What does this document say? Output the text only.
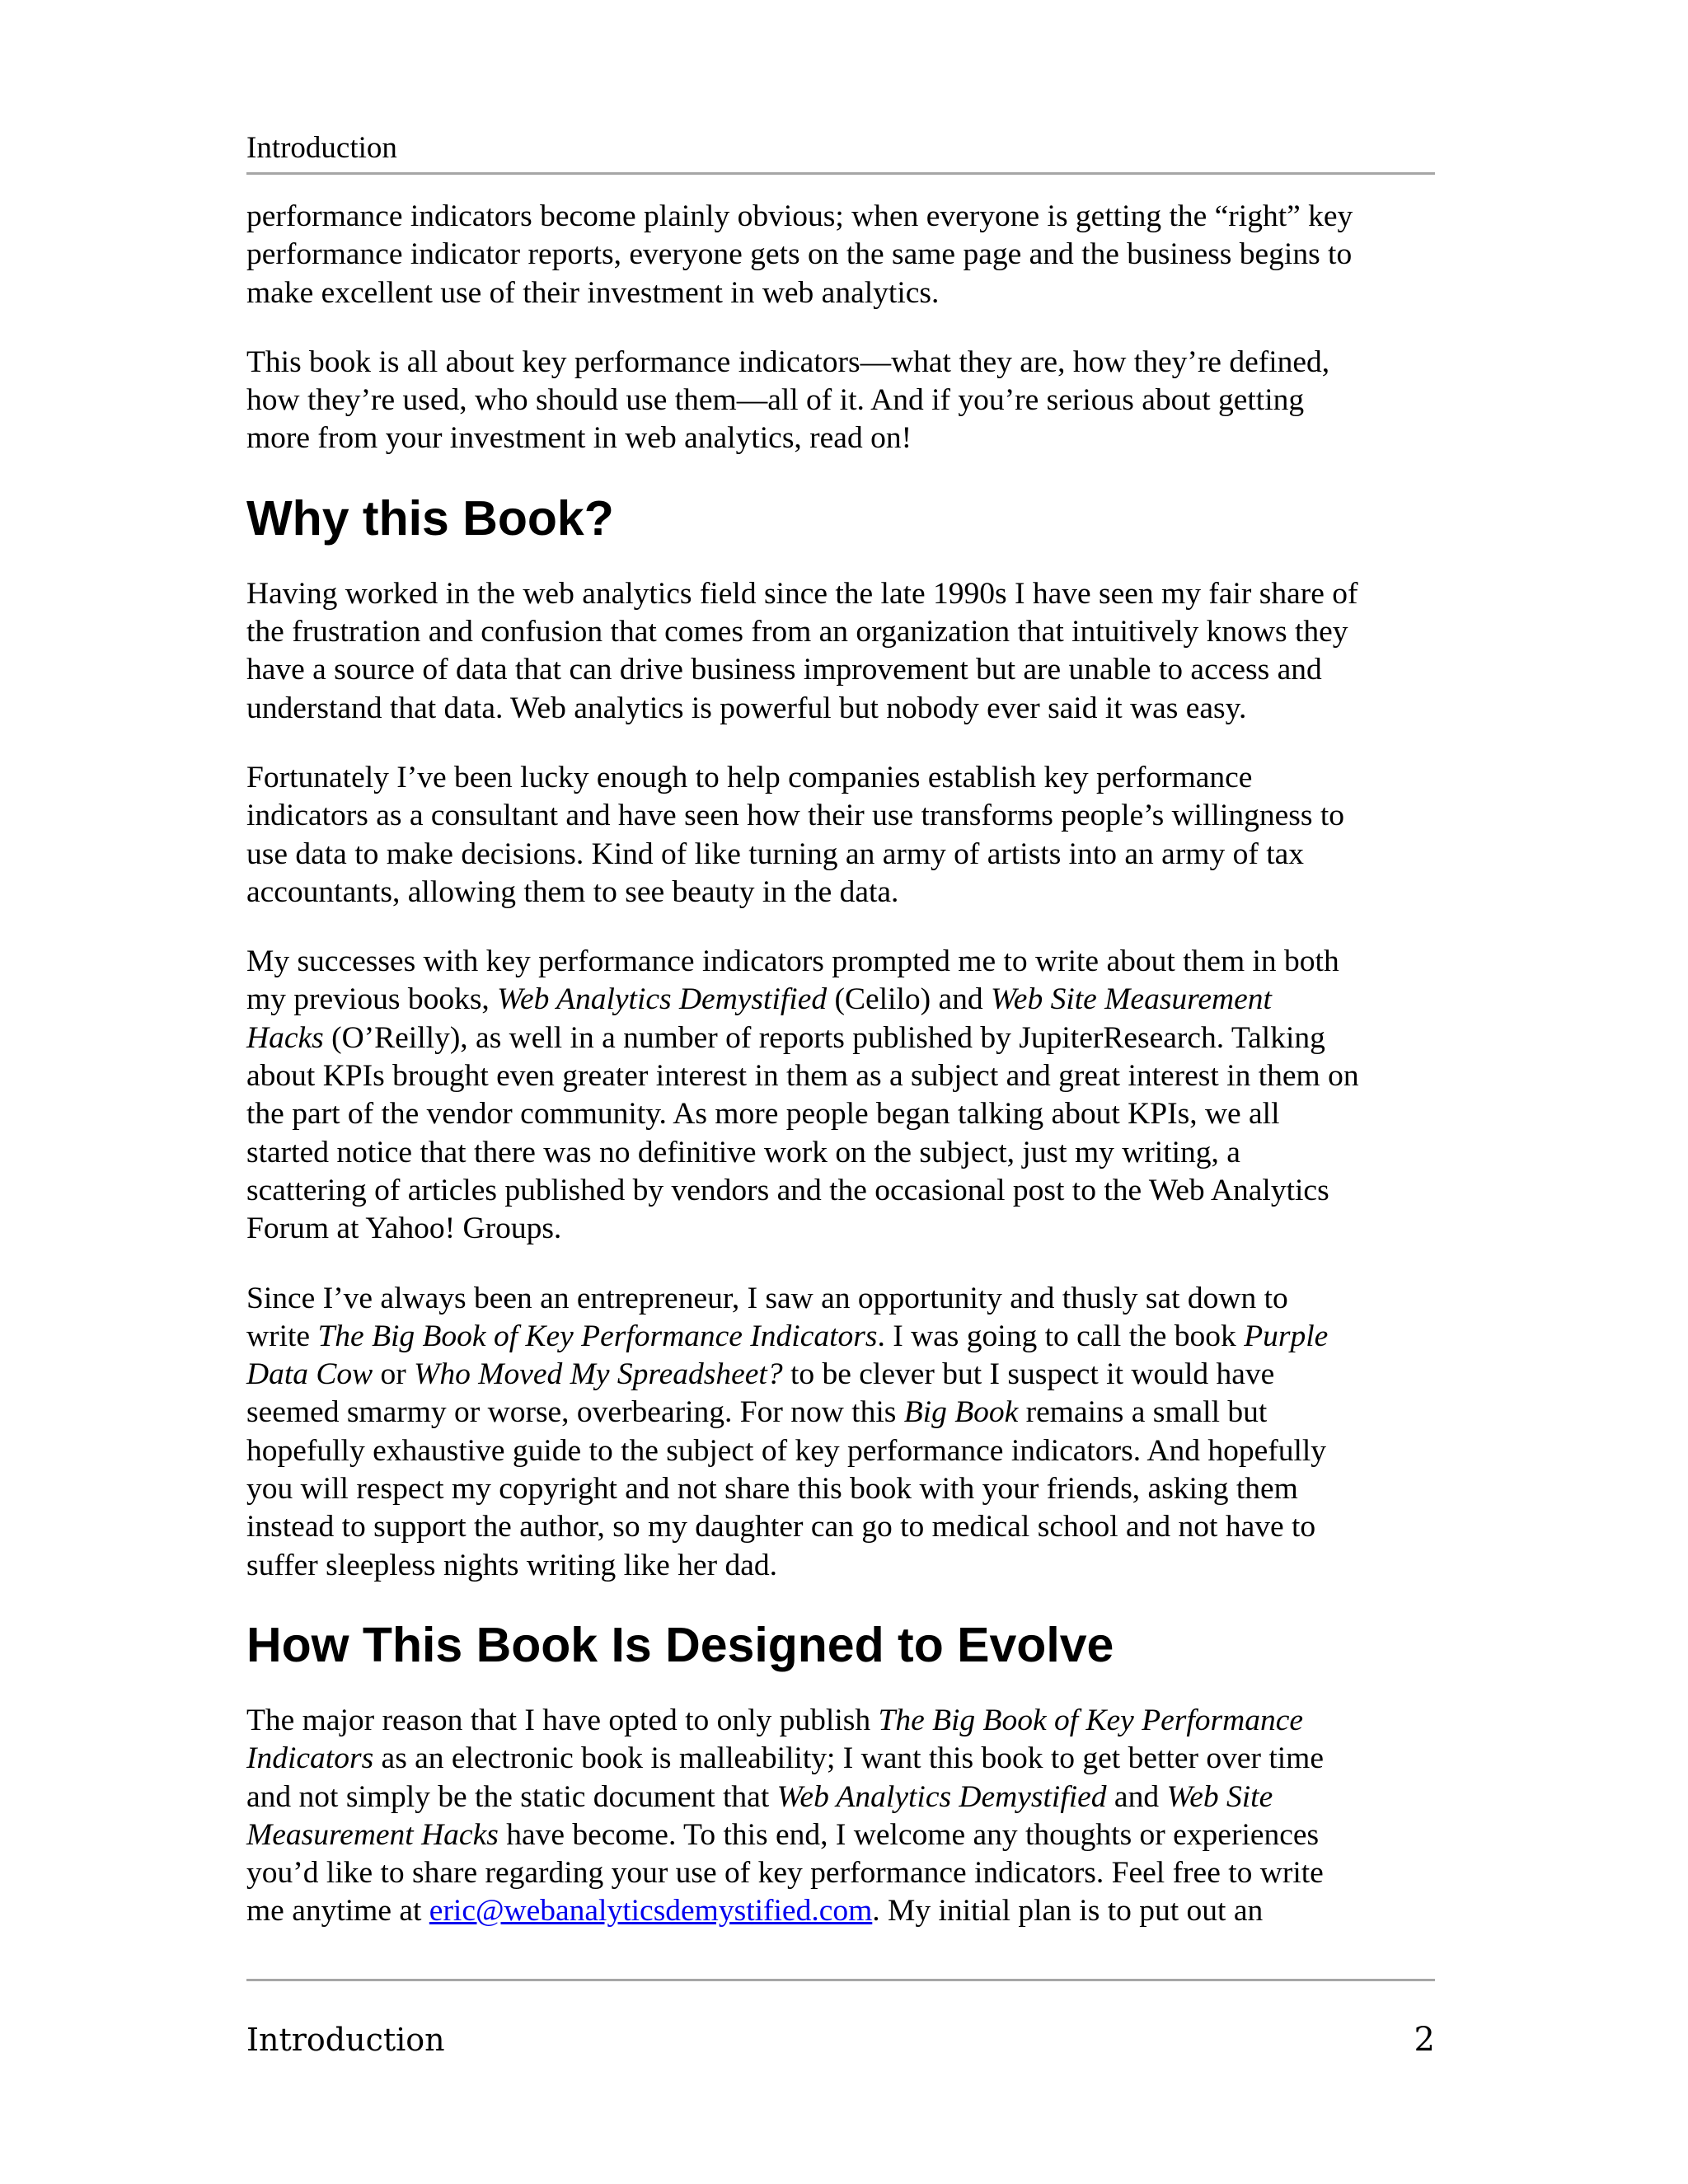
Introduction

performance indicators become plainly obvious; when everyone is getting the “right” key
performance indicator reports, everyone gets on the same page and the business begins to
make excellent use of their investment in web analytics.

This book is all about key performance indicators—what they are, how they’re defined,
how they’re used, who should use them—all of it. And if you’re serious about getting
more from your investment in web analytics, read on!

Why this Book?

Having worked in the web analytics field since the late 1990s I have seen my fair share of
the frustration and confusion that comes from an organization that intuitively knows they
have a source of data that can drive business improvement but are unable to access and
understand that data. Web analytics is powerful but nobody ever said it was easy.

Fortunately I’ve been lucky enough to help companies establish key performance
indicators as a consultant and have seen how their use transforms people’s willingness to
use data to make decisions. Kind of like turning an army of artists into an army of tax
accountants, allowing them to see beauty in the data.

My successes with key performance indicators prompted me to write about them in both
my previous books, Web Analytics Demystified (Celilo) and Web Site Measurement
Hacks (O’Reilly), as well in a number of reports published by JupiterResearch. Talking
about KPIs brought even greater interest in them as a subject and great interest in them on
the part of the vendor community. As more people began talking about KPIs, we all
started notice that there was no definitive work on the subject, just my writing, a
scattering of articles published by vendors and the occasional post to the Web Analytics
Forum at Yahoo! Groups.

Since I’ve always been an entrepreneur, I saw an opportunity and thusly sat down to
write The Big Book of Key Performance Indicators. I was going to call the book Purple
Data Cow or Who Moved My Spreadsheet? to be clever but I suspect it would have
seemed smarmy or worse, overbearing. For now this Big Book remains a small but
hopefully exhaustive guide to the subject of key performance indicators. And hopefully
you will respect my copyright and not share this book with your friends, asking them
instead to support the author, so my daughter can go to medical school and not have to
suffer sleepless nights writing like her dad.

How This Book Is Designed to Evolve

The major reason that I have opted to only publish The Big Book of Key Performance
Indicators as an electronic book is malleability; I want this book to get better over time
and not simply be the static document that Web Analytics Demystified and Web Site
Measurement Hacks have become. To this end, I welcome any thoughts or experiences
you’d like to share regarding your use of key performance indicators. Feel free to write
me anytime at eric@webanalyticsdemystified.com. My initial plan is to put out an

Introduction	2
